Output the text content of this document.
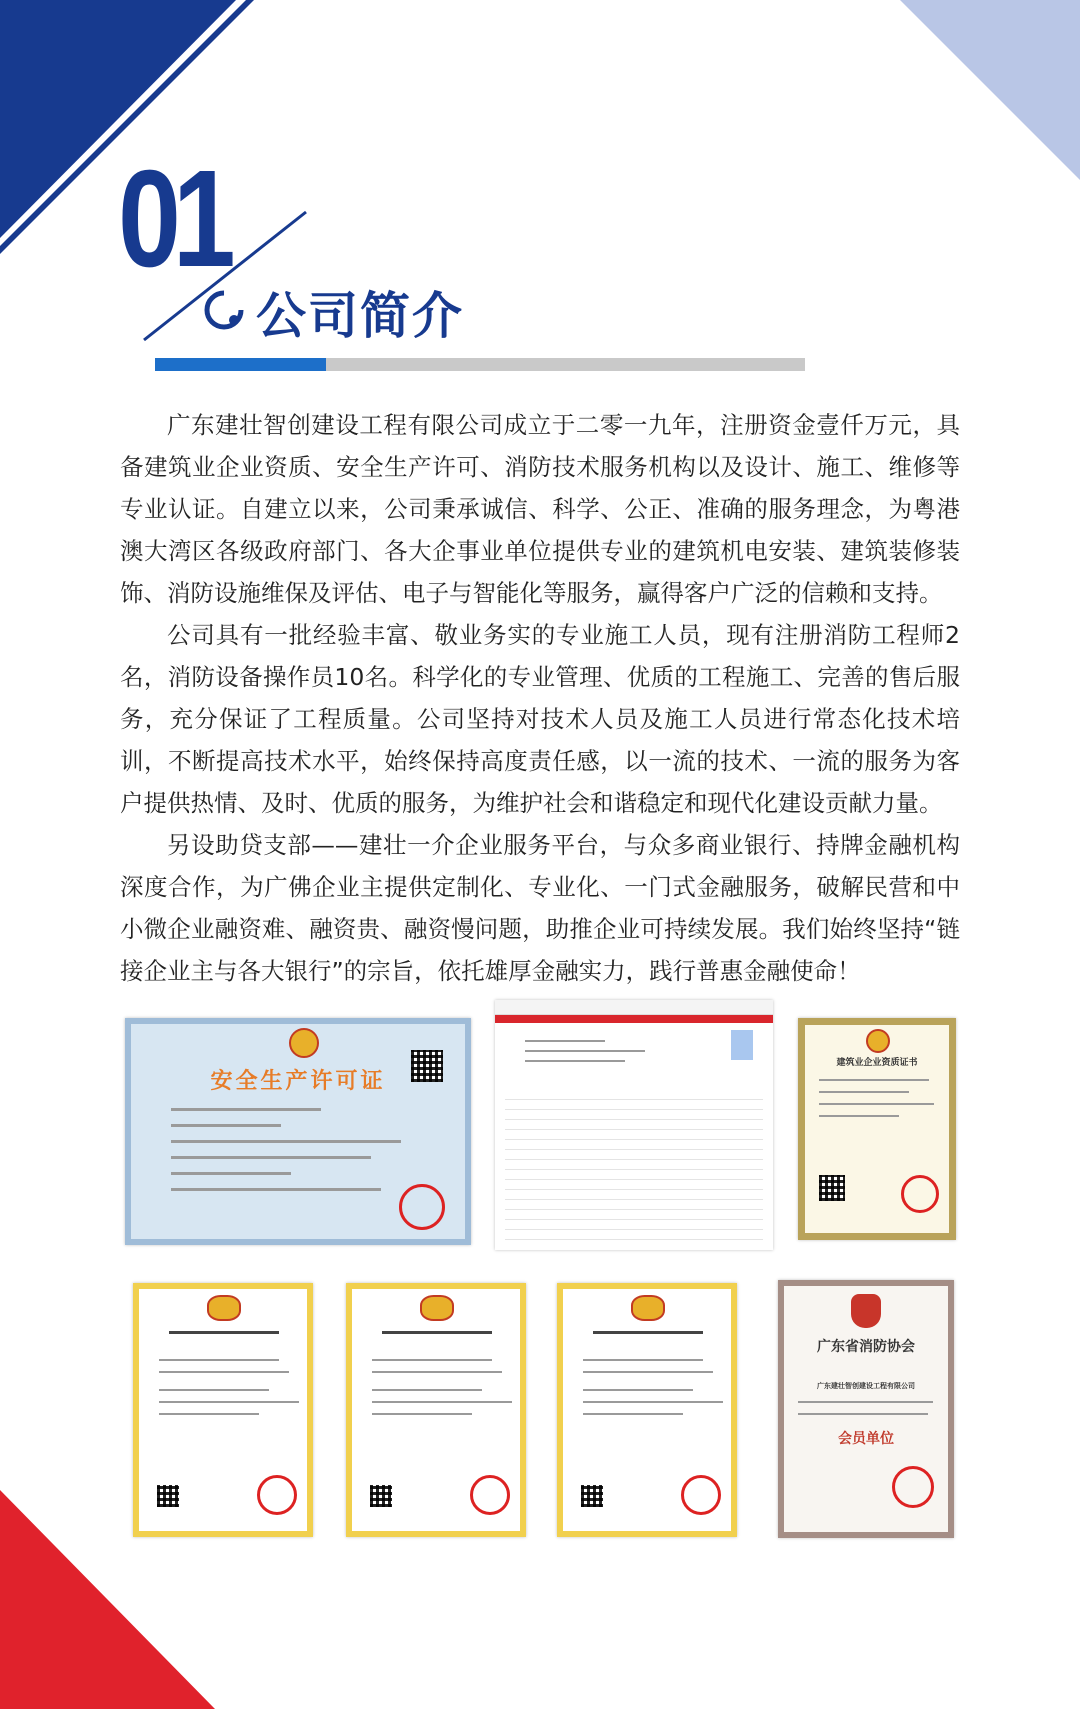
01
公司简介

广东建壮智创建设工程有限公司成立于二零一九年，注册资金壹仟万元，具备建筑业企业资质、安全生产许可、消防技术服务机构以及设计、施工、维修等专业认证。自建立以来，公司秉承诚信、科学、公正、准确的服务理念，为粤港澳大湾区各级政府部门、各大企事业单位提供专业的建筑机电安装、建筑装修装饰、消防设施维保及评估、电子与智能化等服务，赢得客户广泛的信赖和支持。

公司具有一批经验丰富、敬业务实的专业施工人员，现有注册消防工程师2名，消防设备操作员10名。科学化的专业管理、优质的工程施工、完善的售后服务，充分保证了工程质量。公司坚持对技术人员及施工人员进行常态化技术培训，不断提高技术水平，始终保持高度责任感，以一流的技术、一流的服务为客户提供热情、及时、优质的服务，为维护社会和谐稳定和现代化建设贡献力量。

另设助贷支部——建壮一介企业服务平台，与众多商业银行、持牌金融机构深度合作，为广佛企业主提供定制化、专业化、一门式金融服务，破解民营和中小微企业融资难、融资贵、融资慢问题，助推企业可持续发展。我们始终坚持“链接企业主与各大银行”的宗旨，依托雄厚金融实力，践行普惠金融使命！

安全生产许可证
建筑业企业资质证书
广东省消防协会
广东建壮智创建设工程有限公司
会员单位
